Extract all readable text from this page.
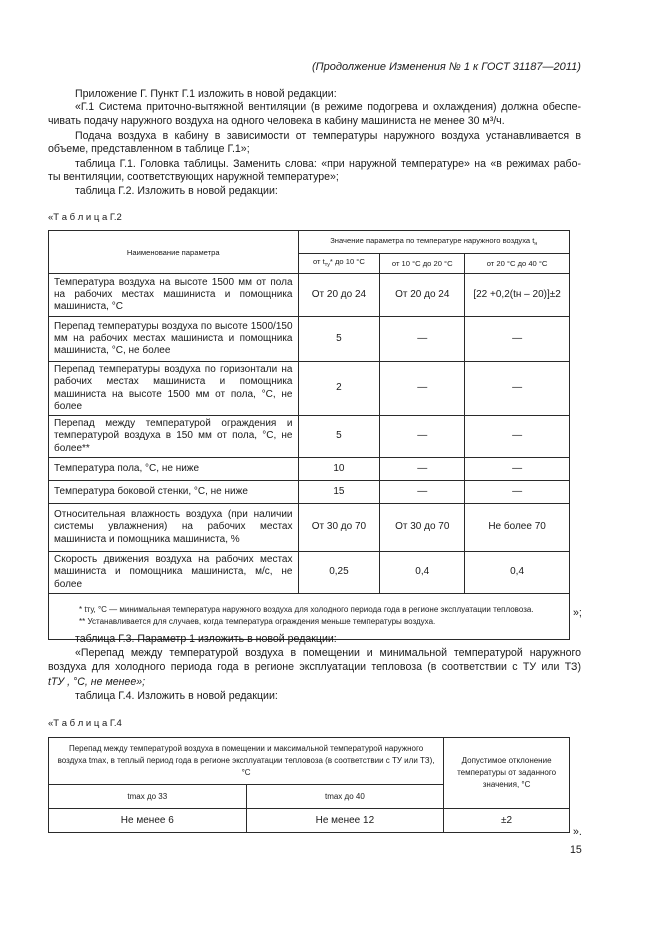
(Продолжение Изменения № 1 к ГОСТ 31187—2011)
Приложение Г. Пункт Г.1 изложить в новой редакции:
«Г.1 Система приточно-вытяжной вентиляции (в режиме подогрева и охлаждения) должна обеспе-
чивать подачу наружного воздуха на одного человека в кабину машиниста не менее 30 м³/ч.
Подача воздуха в кабину в зависимости от температуры наружного воздуха устанавливается в
объеме, представленном в таблице Г.1»;
таблица Г.1. Головка таблицы. Заменить слова: «при наружной температуре» на «в режимах рабо-
ты вентиляции, соответствующих наружной температуре»;
таблица Г.2. Изложить в новой редакции:
«Т а б л и ц а Г.2
Наименование параметра	Значение параметра по температуре наружного воздуха $t_н$
	от $t_{ту}*$ до 10 °С	от 10 °С до 20 °С	от 20 °С до 40 °С
Температура воздуха на высоте 1500 мм от пола на рабочих местах машиниста и помощника машиниста, °С	От 20 до 24	От 20 до 24	[22 +0,2(tн – 20)]±2
Перепад температуры воздуха по высоте 1500/150 мм на рабочих местах машиниста и помощника машиниста, °С, не более	5	—	—
Перепад температуры воздуха по горизонтали на рабочих местах машиниста и помощника машиниста на высоте 1500 мм от пола, °С, не более	2	—	—
Перепад между температурой ограждения и температурой воздуха в 150 мм от пола, °С, не более**	5	—	—
Температура пола, °С, не ниже	10	—	—
Температура боковой стенки, °С, не ниже	15	—	—
Относительная влажность воздуха (при наличии системы увлажнения) на рабочих местах машиниста и помощника машиниста, %	От 30 до 70	От 30 до 70	Не более 70
Скорость движения воздуха на рабочих местах машиниста и помощника машиниста, м/с, не более	0,25	0,4	0,4

* tту, °С — минимальная температура наружного воздуха для холодного периода года в регионе эксплуатации тепловоза.
** Устанавливается для случаев, когда температура ограждения меньше температуры воздуха.			
»;
таблица Г.3. Параметр 1 изложить в новой редакции:
«Перепад между температурой воздуха в помещении и минимальной температурой наружного
воздуха для холодного периода года в регионе эксплуатации тепловоза (в соответствии с ТУ или ТЗ)
tТУ , °С, не менее»;
таблица Г.4. Изложить в новой редакции:
«Т а б л и ц а Г.4
Перепад между температурой воздуха в помещении и максимальной температурой наружного воздуха tmax, в теплый период года в регионе эксплуатации тепловоза (в соответствии с ТУ или ТЗ), °С		Допустимое отклонение температуры от заданного значения, °С
tmax до 33	tmax до 40	
Не менее 6	Не менее 12	±2
».
15
